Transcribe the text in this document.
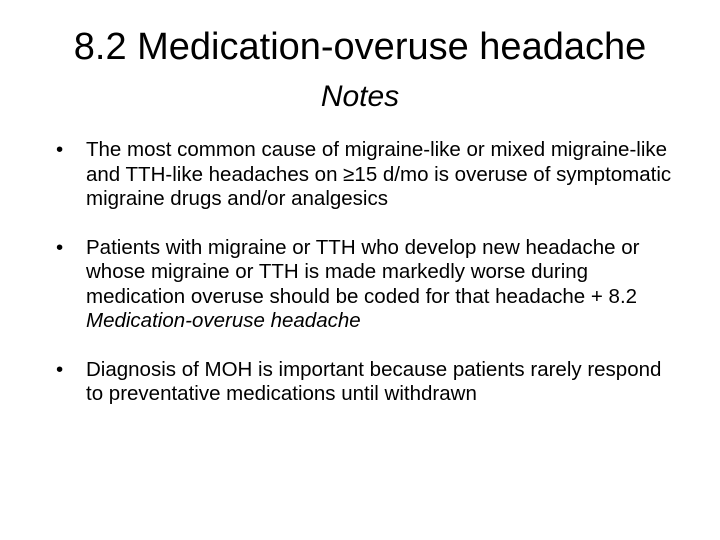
8.2 Medication-overuse headache
Notes
•	The most common cause of migraine-like or mixed migraine-like and TTH-like headaches on ≥15 d/mo is overuse of symptomatic migraine drugs and/or analgesics
•	Patients with migraine or TTH who develop new headache or whose migraine or TTH is made markedly worse during medication overuse should be coded for that headache + 8.2 Medication-overuse headache
•	Diagnosis of MOH is important because patients rarely respond to preventative medications until withdrawn
